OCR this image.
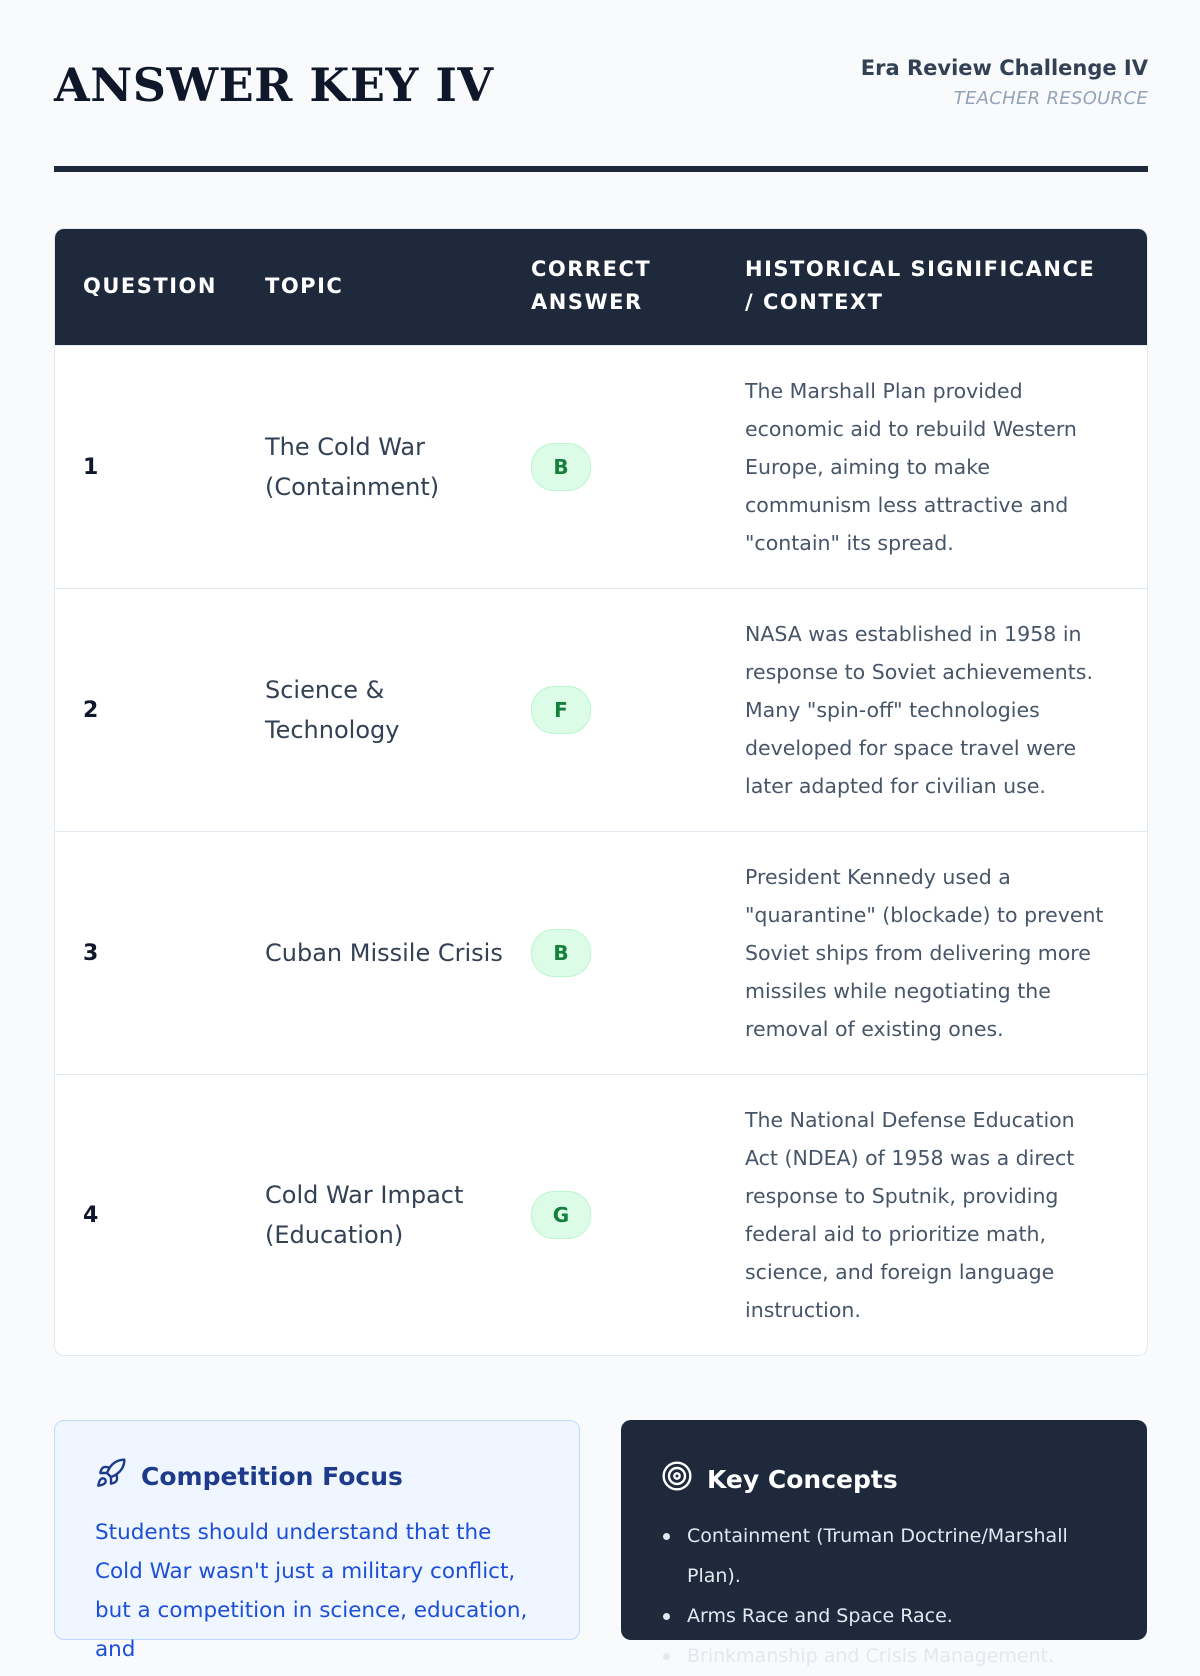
ANSWER KEY IV	Era Review Challenge IV
TEACHER RESOURCE
QUESTION	TOPIC	CORRECT ANSWER	HISTORICAL SIGNIFICANCE / CONTEXT
1	The Cold War (Containment)	B	The Marshall Plan provided economic aid to rebuild Western Europe, aiming to make communism less attractive and "contain" its spread.

2	Science & Technology	F	NASA was established in 1958 in response to Soviet achievements. Many "spin-off" technologies developed for space travel were later adapted for civilian use.

3	Cuban Missile Crisis	B	President Kennedy used a "quarantine" (blockade) to prevent Soviet ships from delivering more missiles while negotiating the removal of existing ones.

4	Cold War Impact (Education)	G	The National Defense Education Act (NDEA) of 1958 was a direct response to Sputnik, providing federal aid to prioritize math, science, and foreign language instruction.
Competition Focus
Students should understand that the Cold War wasn't just a military conflict, but a competition in science, education, and
Key Concepts
Containment (Truman Doctrine/Marshall Plan).
Arms Race and Space Race.
Brinkmanship and Crisis Management.
